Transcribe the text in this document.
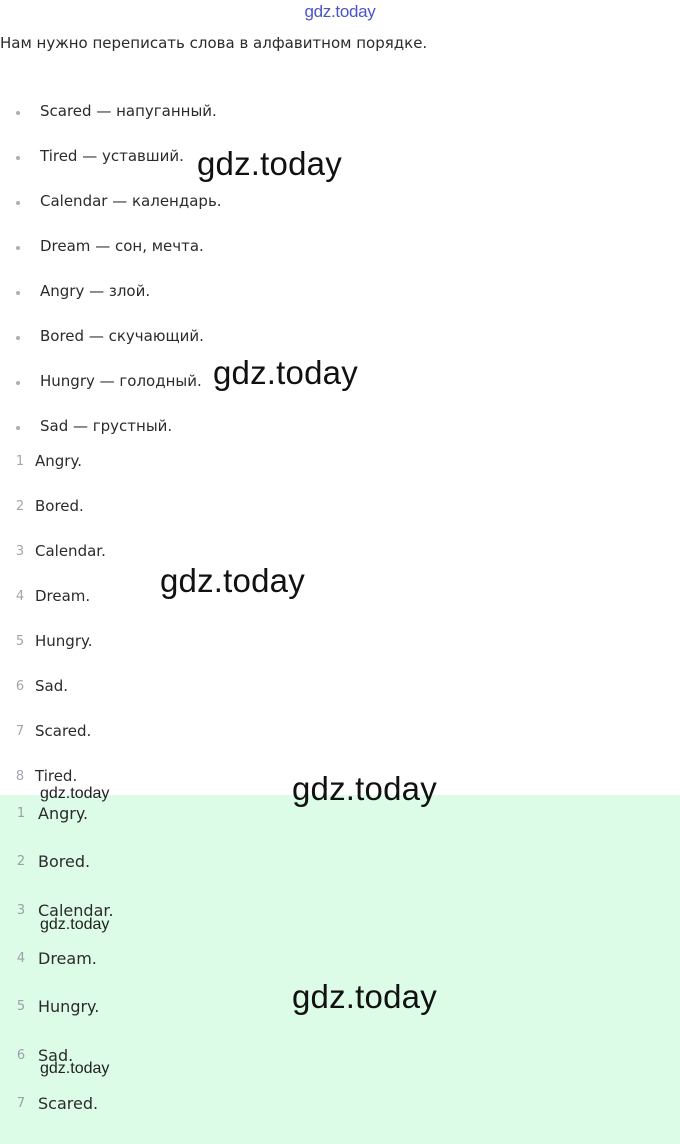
gdz.today
Нам нужно переписать слова в алфавитном порядке.
Scared — напуганный.
Tired — уставший.
Calendar — календарь.
Dream — сон, мечта.
Angry — злой.
Bored — скучающий.
Hungry — голодный.
Sad — грустный.
1 Angry.
2 Bored.
3 Calendar.
4 Dream.
5 Hungry.
6 Sad.
7 Scared.
8 Tired.
1 Angry.
2 Bored.
3 Calendar.
4 Dream.
5 Hungry.
6 Sad.
7 Scared.
gdz.today
gdz.today
gdz.today
gdz.today
gdz.today
gdz.today
gdz.today
gdz.today
